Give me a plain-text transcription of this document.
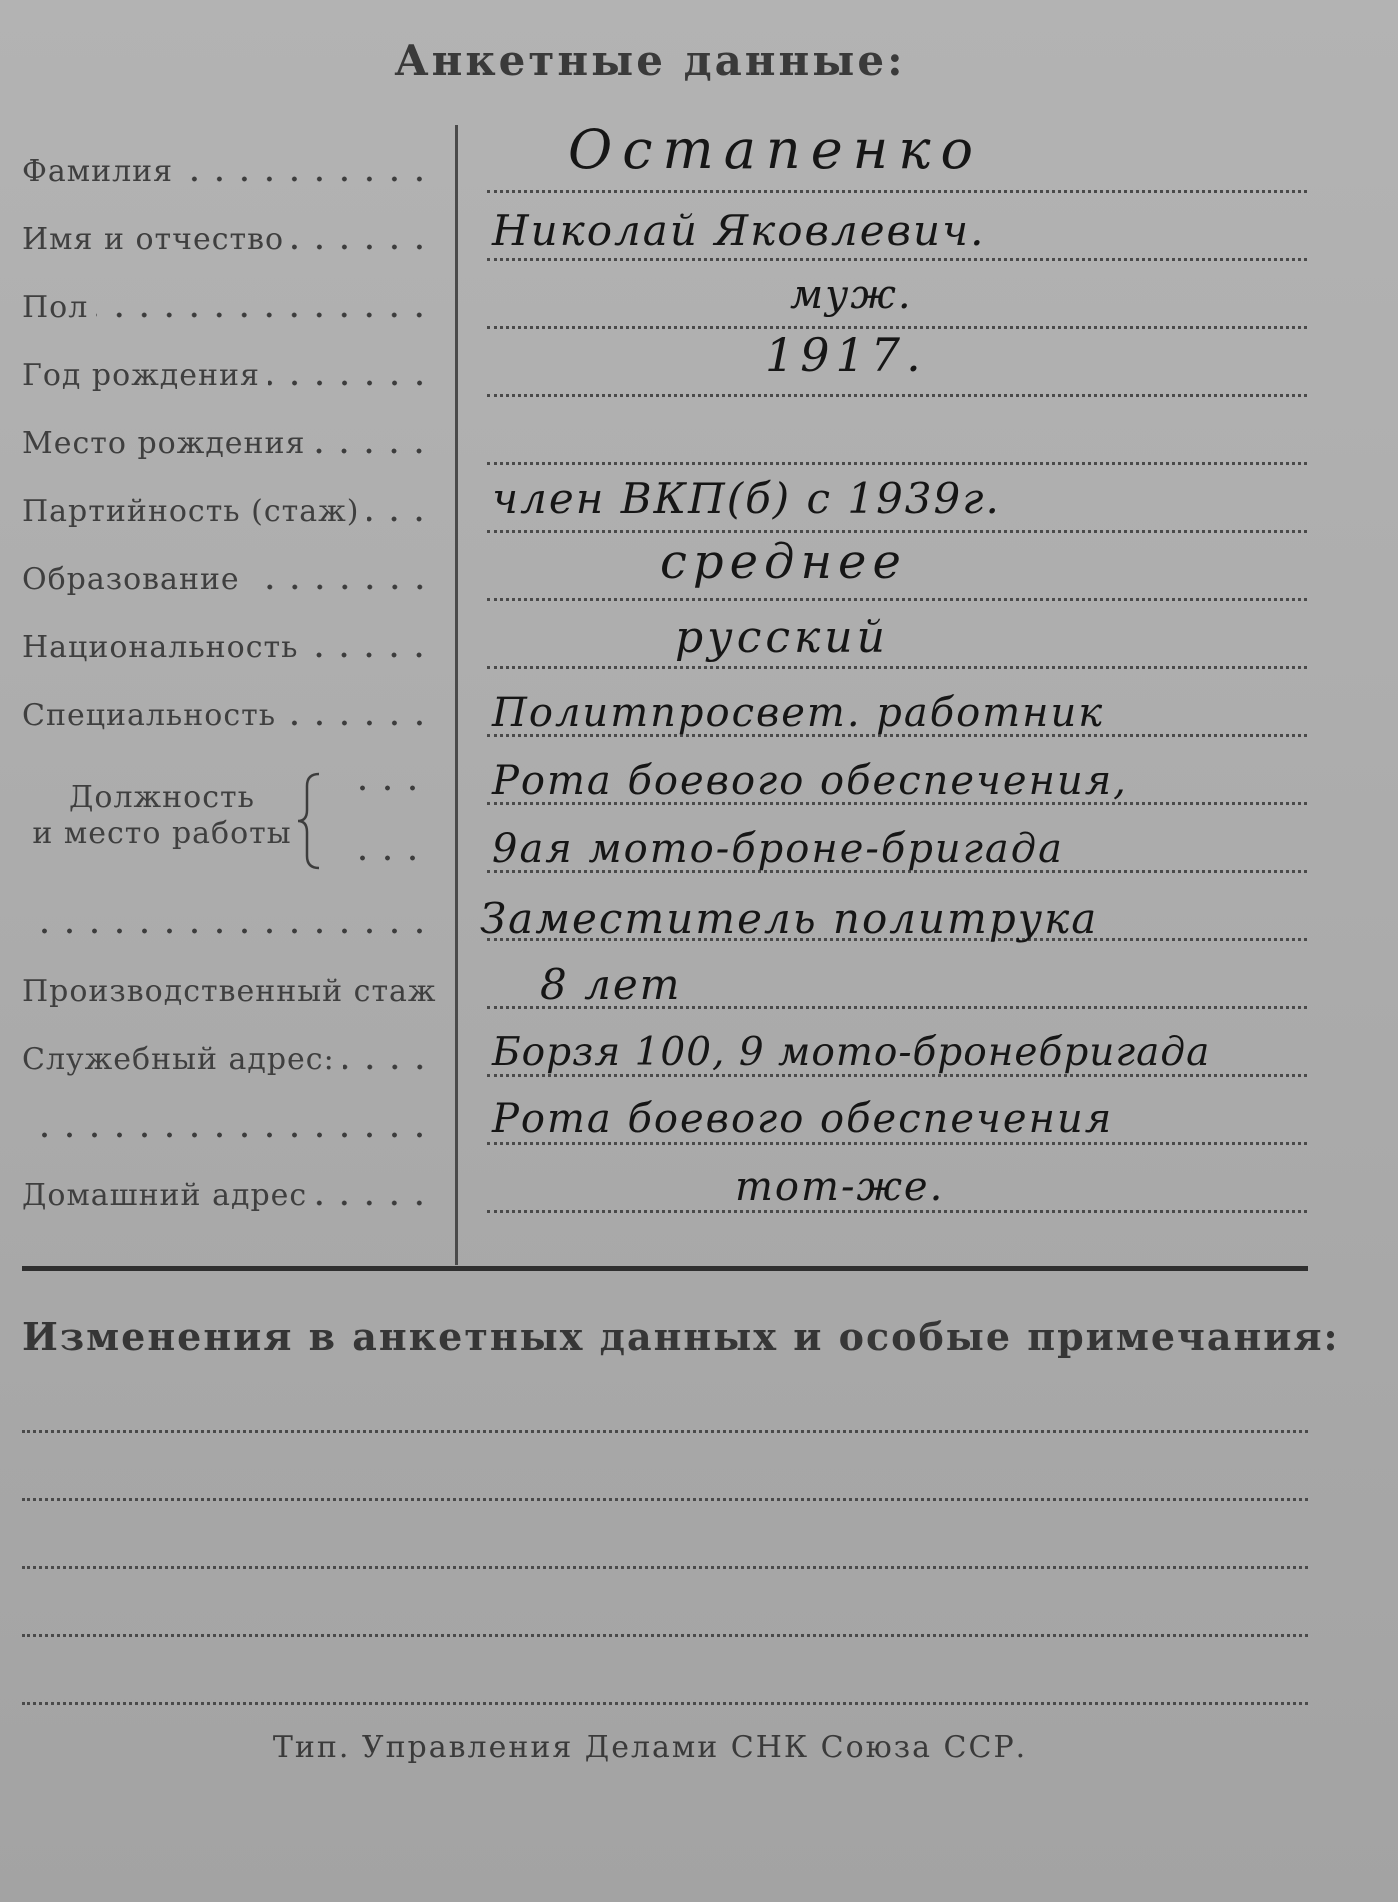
Анкетные данные:
Фамилия
Имя и отчество
Пол
Год рождения
Место рождения
Партийность (стаж)
Образование
Национальность
Специальность
Должность
и место работы
Производственный стаж
Служебный адрес:
Домашний адрес
Остапенко
Николай Яковлевич.
муж.
1917.
член ВКП(б) с 1939г.
среднее
русский
Политпросвет. работник
Рота боевого обеспечения,
9ая мото-броне-бригада
Заместитель политрука
8 лет
Борзя 100, 9 мото-бронебригада
Рота боевого обеспечения
тот-же.
Изменения в анкетных данных и особые примечания:
Тип. Управления Делами СНК Союза ССР.
